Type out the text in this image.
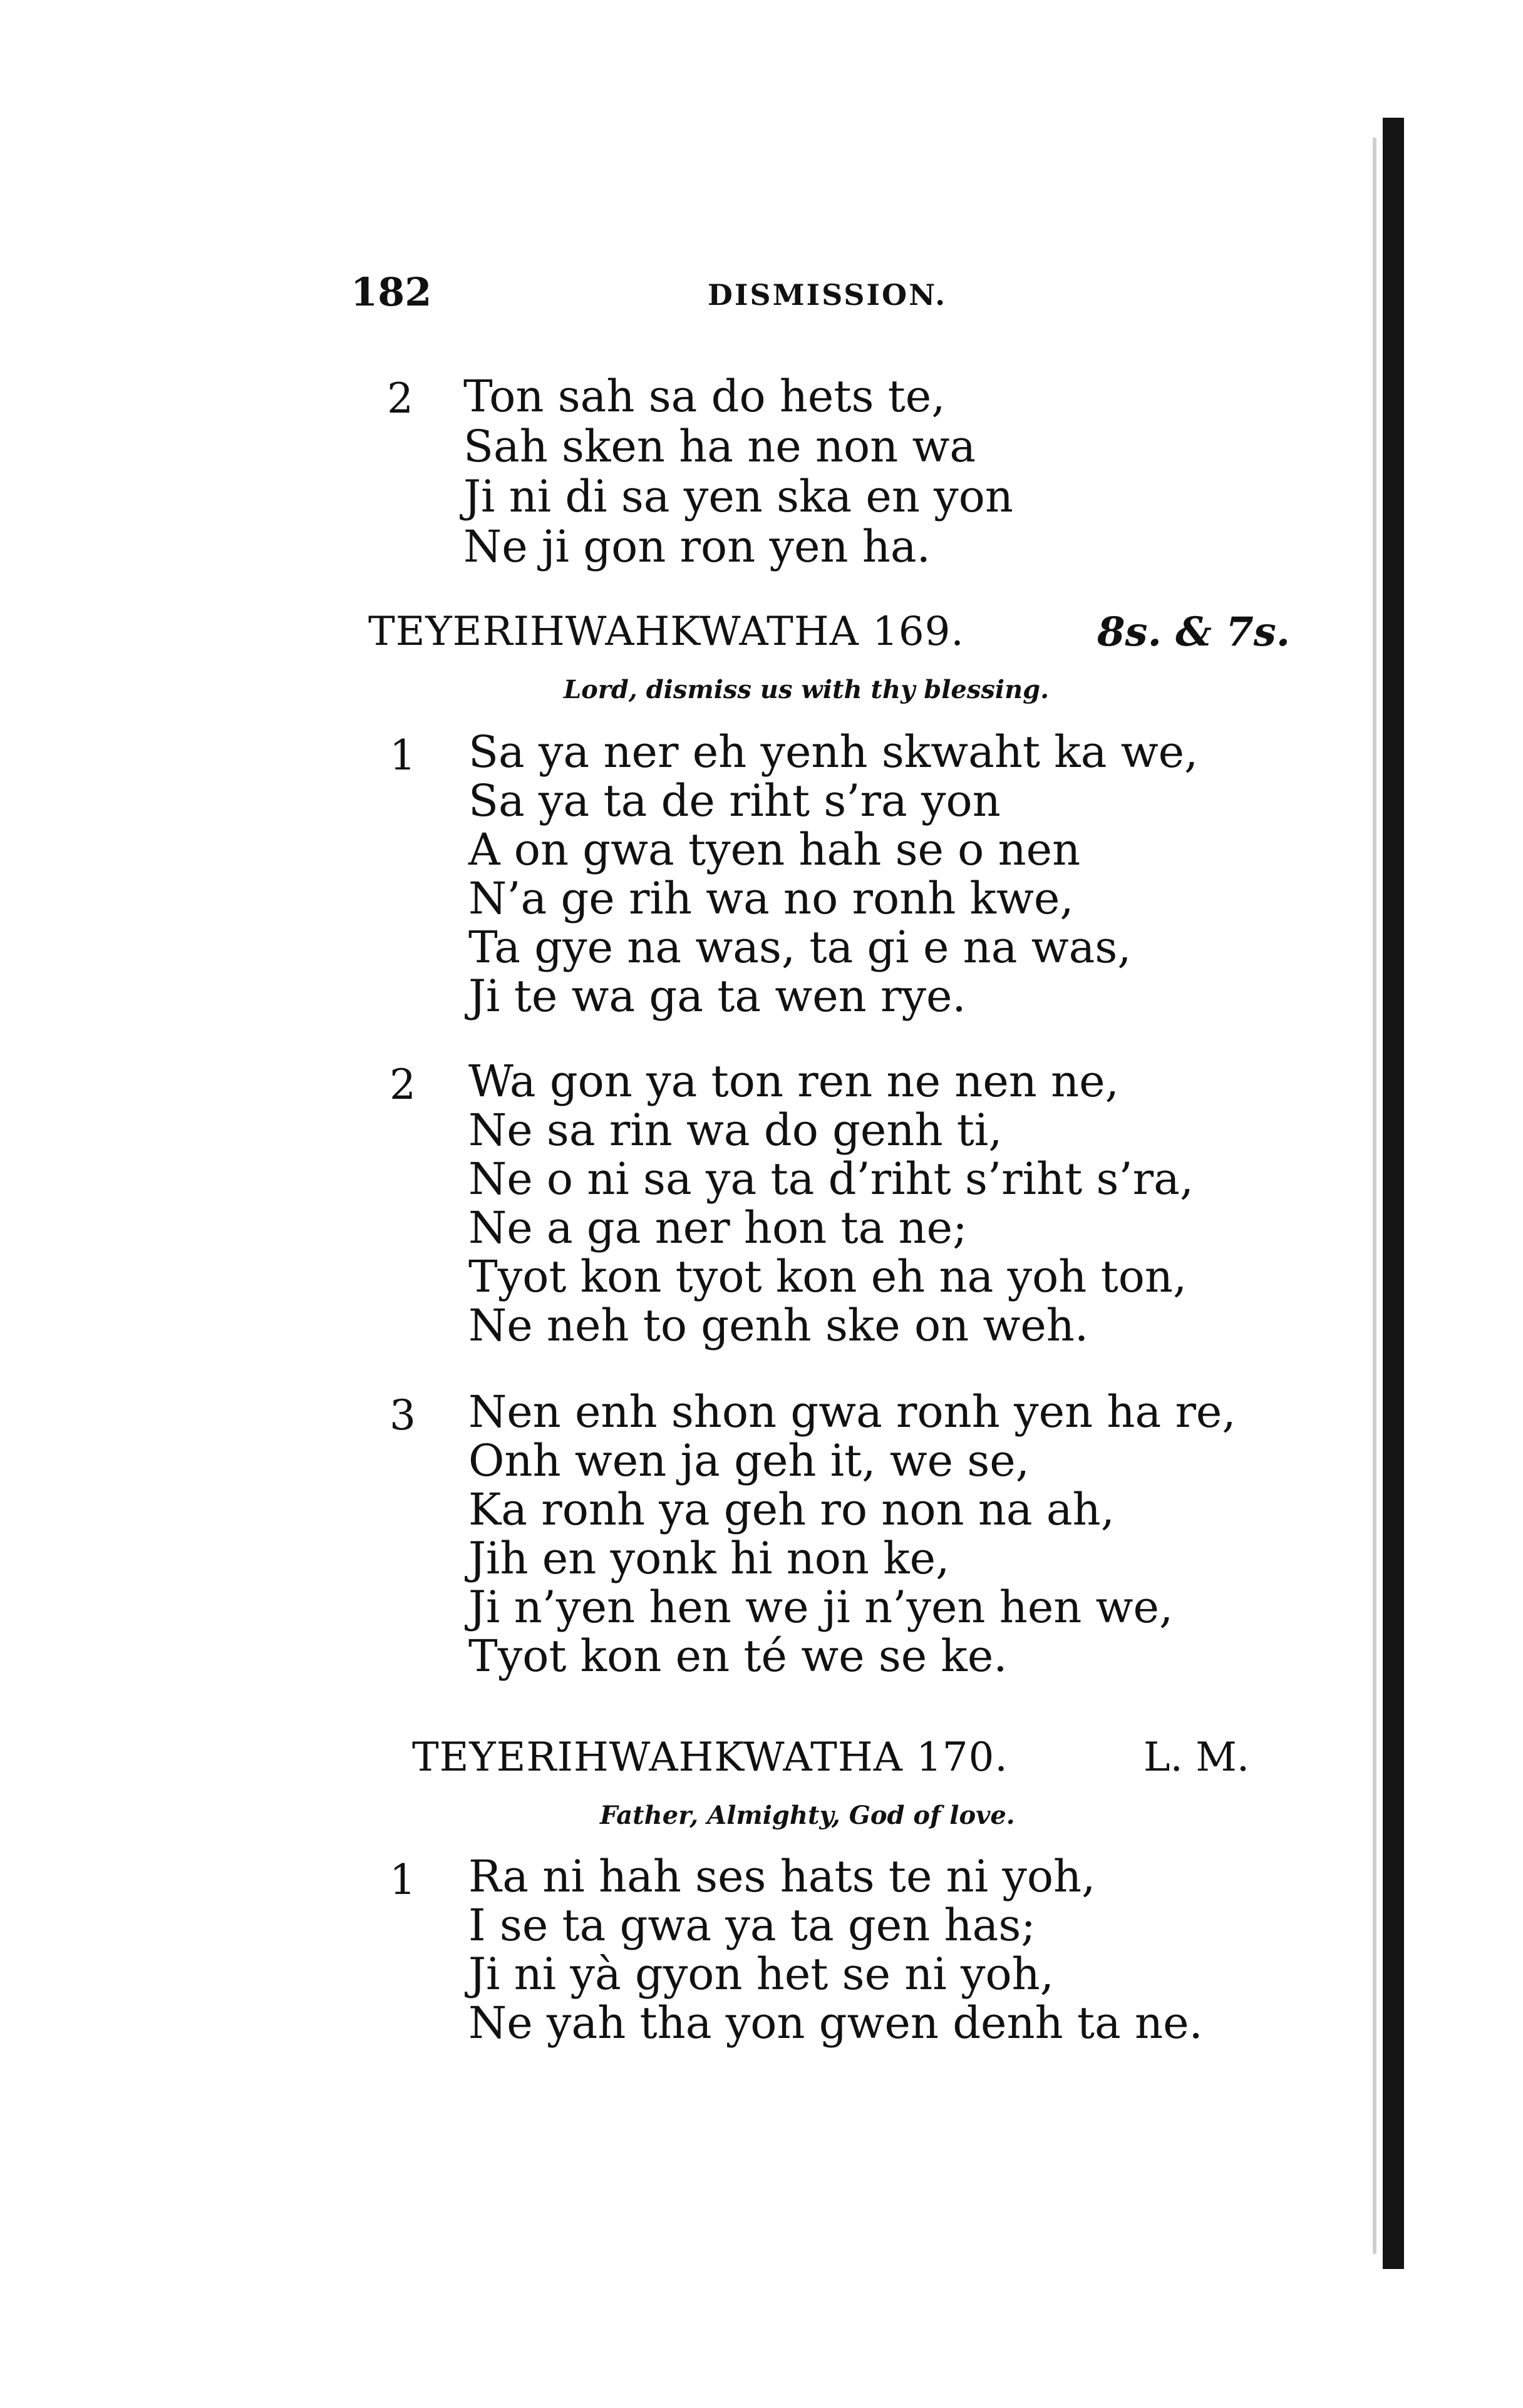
182	DISMISSION.
2 Ton sah sa do hets te,
Sah sken ha ne non wa
Ji ni di sa yen ska en yon
Ne ji gon ron yen ha.
TEYERIHWAHKWATHA 169.	8s. & 7s.
Lord, dismiss us with thy blessing.
1 Sa ya ner eh yenh skwaht ka we,
Sa ya ta de riht s’ra yon
A on gwa tyen hah se o nen
N’a ge rih wa no ronh kwe,
Ta gye na was, ta gi e na was,
Ji te wa ga ta wen rye.
2 Wa gon ya ton ren ne nen ne,
Ne sa rin wa do genh ti,
Ne o ni sa ya ta d’riht s’riht s’ra,
Ne a ga ner hon ta ne;
Tyot kon tyot kon eh na yoh ton,
Ne neh to genh ske on weh.
3 Nen enh shon gwa ronh yen ha re,
Onh wen ja geh it, we se,
Ka ronh ya geh ro non na ah,
Jih en yonk hi non ke,
Ji n’yen hen we ji n’yen hen we,
Tyot kon en té we se ke.
TEYERIHWAHKWATHA 170.	L. M.
Father, Almighty, God of love.
1 Ra ni hah ses hats te ni yoh,
I se ta gwa ya ta gen has;
Ji ni yà gyon het se ni yoh,
Ne yah tha yon gwen denh ta ne.
